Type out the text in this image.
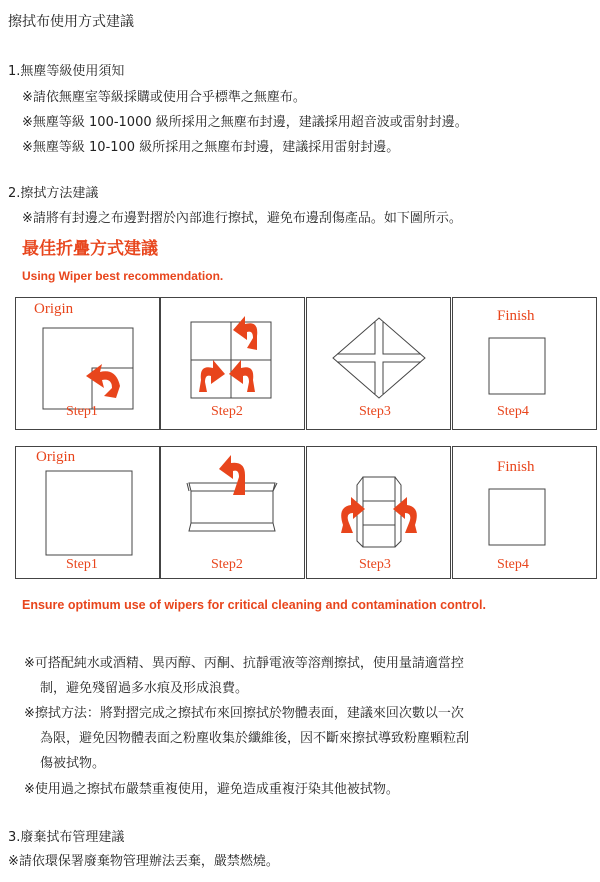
擦拭布使用方式建議
1.無塵等級使用須知
※請依無塵室等級採購或使用合乎標準之無塵布。
※無塵等級 100-1000 級所採用之無塵布封邊，建議採用超音波或雷射封邊。
※無塵等級 10-100 級所採用之無塵布封邊，建議採用雷射封邊。
2.擦拭方法建議
※請將有封邊之布邊對摺於內部進行擦拭，避免布邊刮傷產品。如下圖所示。
最佳折疊方式建議
Using Wiper best recommendation.
Origin
Step1	Step2	Step3
Finish
Step4
Origin
Step1	Step2	Step3
Finish
Step4
Ensure optimum use of wipers for critical cleaning and contamination control.
※可搭配純水或酒精、異丙醇、丙酮、抗靜電液等溶劑擦拭，使用量請適當控
制，避免殘留過多水痕及形成浪費。
※擦拭方法：將對摺完成之擦拭布來回擦拭於物體表面，建議來回次數以一次
為限，避免因物體表面之粉塵收集於纖維後，因不斷來擦拭導致粉塵顆粒刮
傷被拭物。
※使用過之擦拭布嚴禁重複使用，避免造成重複汙染其他被拭物。
3.廢棄拭布管理建議
※請依環保署廢棄物管理辦法丟棄，嚴禁燃燒。
